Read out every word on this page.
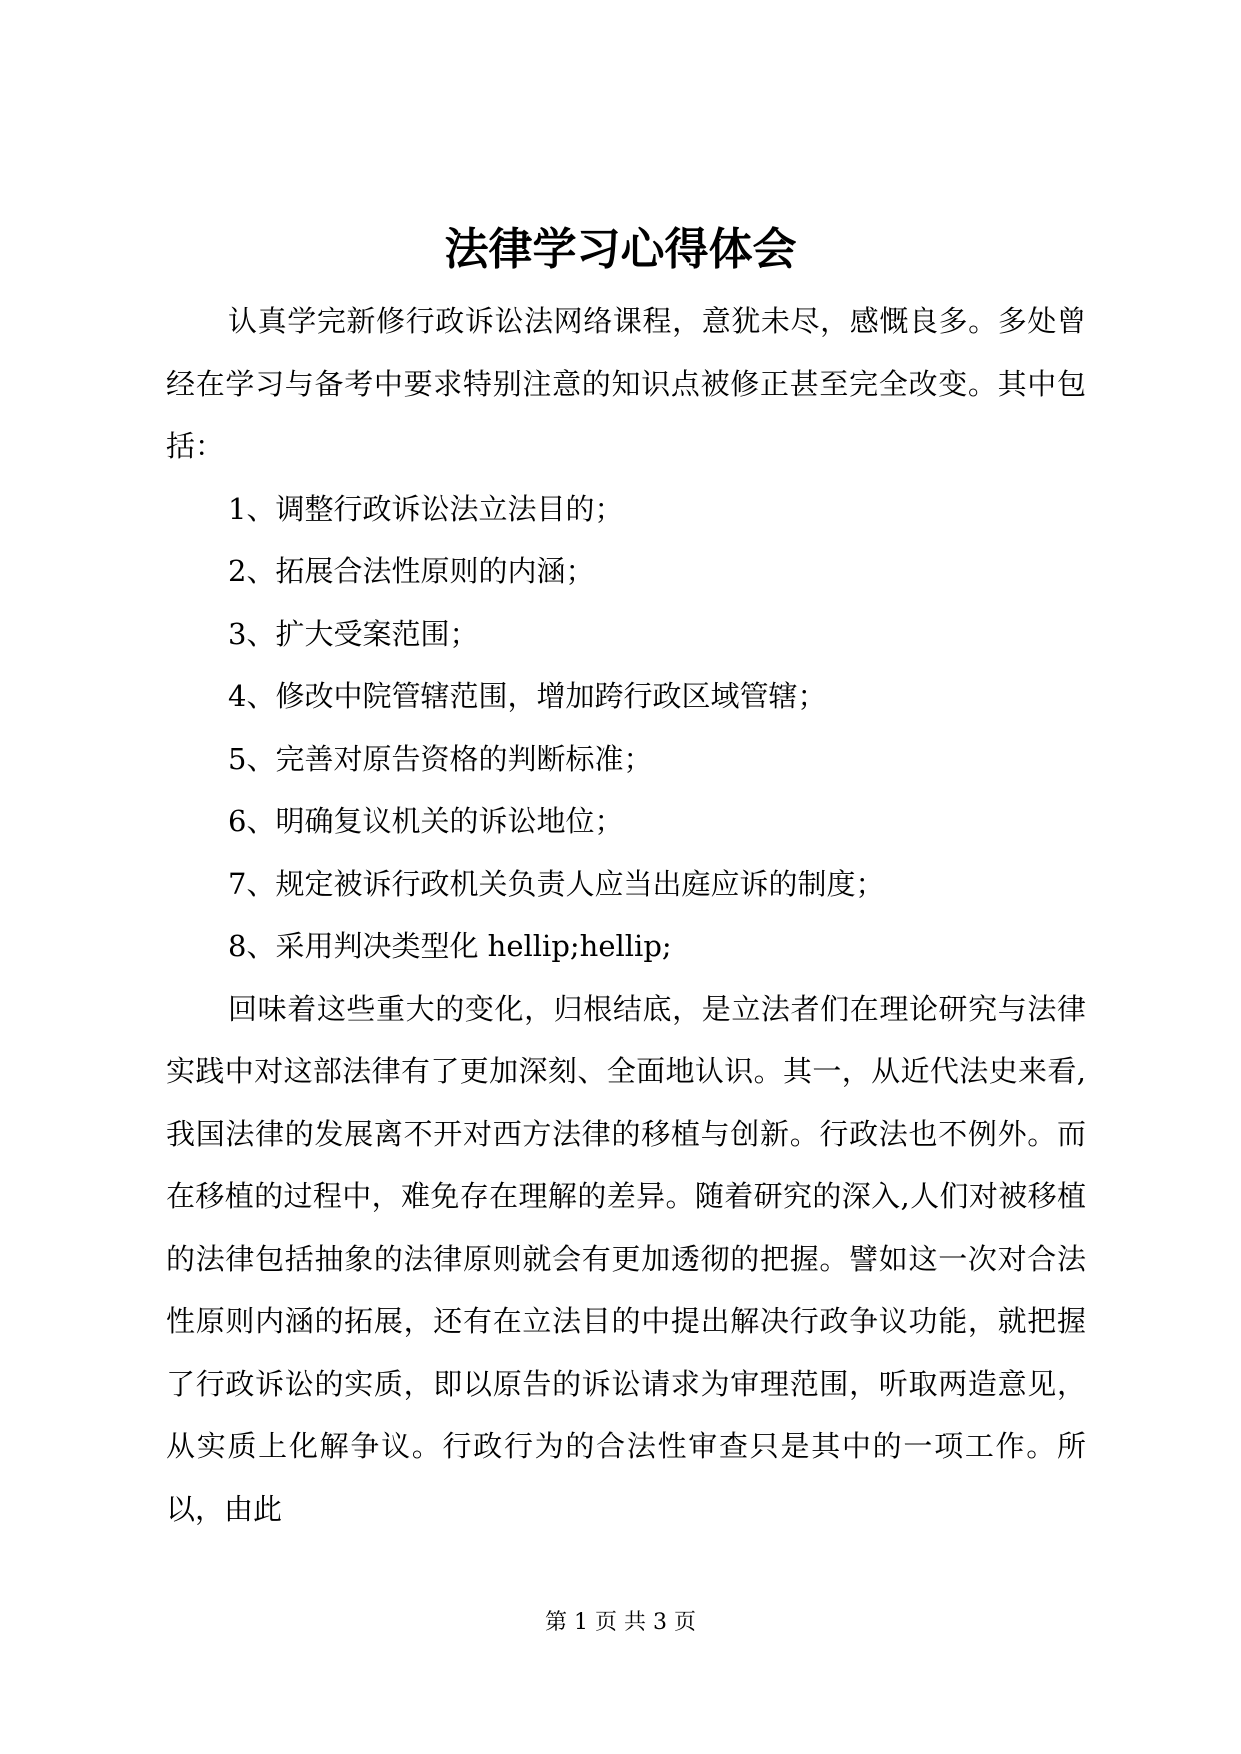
法律学习心得体会

认真学完新修行政诉讼法网络课程，意犹未尽，感慨良多。多处曾经在学习与备考中要求特别注意的知识点被修正甚至完全改变。其中包括：

1、调整行政诉讼法立法目的；

2、拓展合法性原则的内涵；

3、扩大受案范围；

4、修改中院管辖范围，增加跨行政区域管辖；

5、完善对原告资格的判断标准；

6、明确复议机关的诉讼地位；

7、规定被诉行政机关负责人应当出庭应诉的制度；

8、采用判决类型化 hellip;hellip;

回味着这些重大的变化，归根结底，是立法者们在理论研究与法律实践中对这部法律有了更加深刻、全面地认识。其一，从近代法史来看,我国法律的发展离不开对西方法律的移植与创新。行政法也不例外。而在移植的过程中，难免存在理解的差异。随着研究的深入,人们对被移植的法律包括抽象的法律原则就会有更加透彻的把握。譬如这一次对合法性原则内涵的拓展，还有在立法目的中提出解决行政争议功能，就把握了行政诉讼的实质，即以原告的诉讼请求为审理范围，听取两造意见，从实质上化解争议。行政行为的合法性审查只是其中的一项工作。所以，由此

第 1 页 共 3 页
